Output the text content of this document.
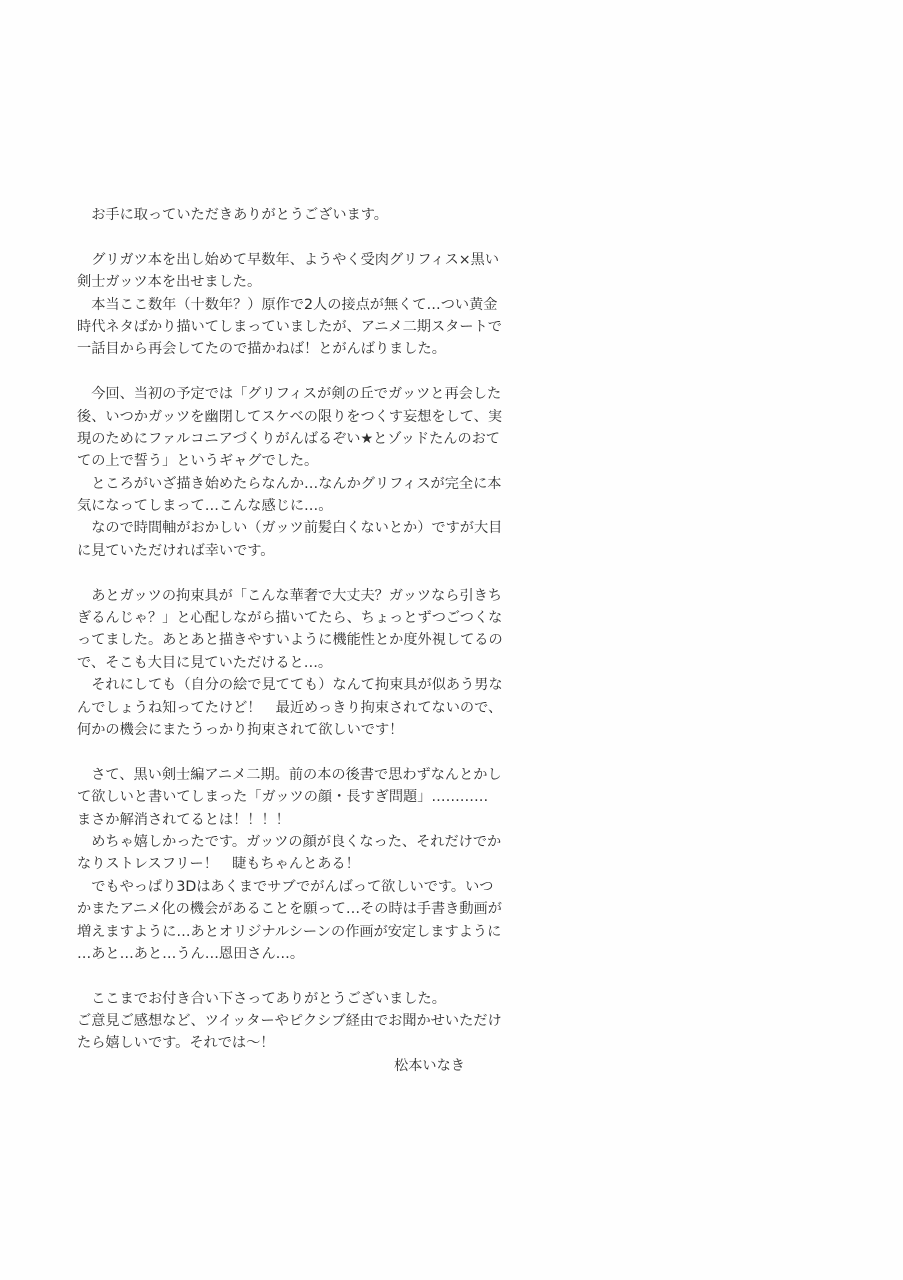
　お手に取っていただきありがとうございます。
　グリガツ本を出し始めて早数年、ようやく受肉グリフィス×黒い
剣士ガッツ本を出せました。
　本当ここ数年（十数年？）原作で2人の接点が無くて…つい黄金
時代ネタばかり描いてしまっていましたが、アニメ二期スタートで
一話目から再会してたので描かねば！とがんばりました。
　今回、当初の予定では「グリフィスが剣の丘でガッツと再会した
後、いつかガッツを幽閉してスケベの限りをつくす妄想をして、実
現のためにファルコニアづくりがんばるぞい★とゾッドたんのおて
ての上で誓う」というギャグでした。
　ところがいざ描き始めたらなんか…なんかグリフィスが完全に本
気になってしまって…こんな感じに…。
　なので時間軸がおかしい（ガッツ前髪白くないとか）ですが大目
に見ていただければ幸いです。
　あとガッツの拘束具が「こんな華奢で大丈夫？ガッツなら引きち
ぎるんじゃ？」と心配しながら描いてたら、ちょっとずつごつくな
ってました。あとあと描きやすいように機能性とか度外視してるの
で、そこも大目に見ていただけると…。
　それにしても（自分の絵で見てても）なんて拘束具が似あう男な
んでしょうね知ってたけど！　最近めっきり拘束されてないので、
何かの機会にまたうっかり拘束されて欲しいです！
　さて、黒い剣士編アニメ二期。前の本の後書で思わずなんとかし
て欲しいと書いてしまった「ガッツの顔・長すぎ問題」…………
まさか解消されてるとは！！！！
　めちゃ嬉しかったです。ガッツの顔が良くなった、それだけでか
なりストレスフリー！　睫もちゃんとある！
　でもやっぱり3Dはあくまでサブでがんばって欲しいです。いつ
かまたアニメ化の機会があることを願って…その時は手書き動画が
増えますように…あとオリジナルシーンの作画が安定しますように
…あと…あと…うん…恩田さん…。
　ここまでお付き合い下さってありがとうございました。
ご意見ご感想など、ツイッターやピクシブ経由でお聞かせいただけ
たら嬉しいです。それでは～！
松本いなき
